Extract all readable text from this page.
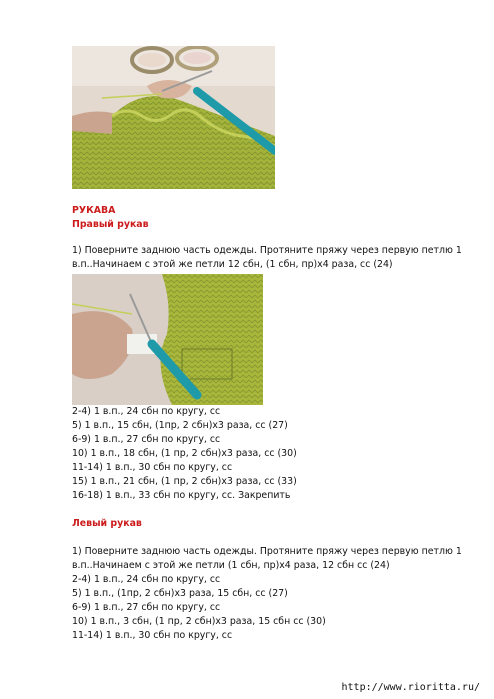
РУКАВА
Правый рукав
1) Поверните заднюю часть одежды. Протяните пряжу через первую петлю 1
в.п..Начинаем с этой же петли 12 сбн, (1 сбн, пр)х4 раза, сс (24)
2-4) 1 в.п., 24 сбн по кругу, сс
5) 1 в.п., 15 сбн, (1пр, 2 сбн)х3 раза, сс (27)
6-9) 1 в.п., 27 сбн по кругу, сс
10) 1 в.п., 18 сбн, (1 пр, 2 сбн)х3 раза, сс (30)
11-14) 1 в.п., 30 сбн по кругу, сс
15) 1 в.п., 21 сбн, (1 пр, 2 сбн)х3 раза, сс (33)
16-18) 1 в.п., 33 сбн по кругу, сс. Закрепить
Левый рукав
1) Поверните заднюю часть одежды. Протяните пряжу через первую петлю 1
в.п..Начинаем с этой же петли (1 сбн, пр)х4 раза, 12 сбн сс (24)
2-4) 1 в.п., 24 сбн по кругу, сс
5) 1 в.п., (1пр, 2 сбн)х3 раза, 15 сбн, сс (27)
6-9) 1 в.п., 27 сбн по кругу, сс
10) 1 в.п., 3 сбн, (1 пр, 2 сбн)х3 раза, 15 сбн сс (30)
11-14) 1 в.п., 30 сбн по кругу, сс
http://www.rioritta.ru/
